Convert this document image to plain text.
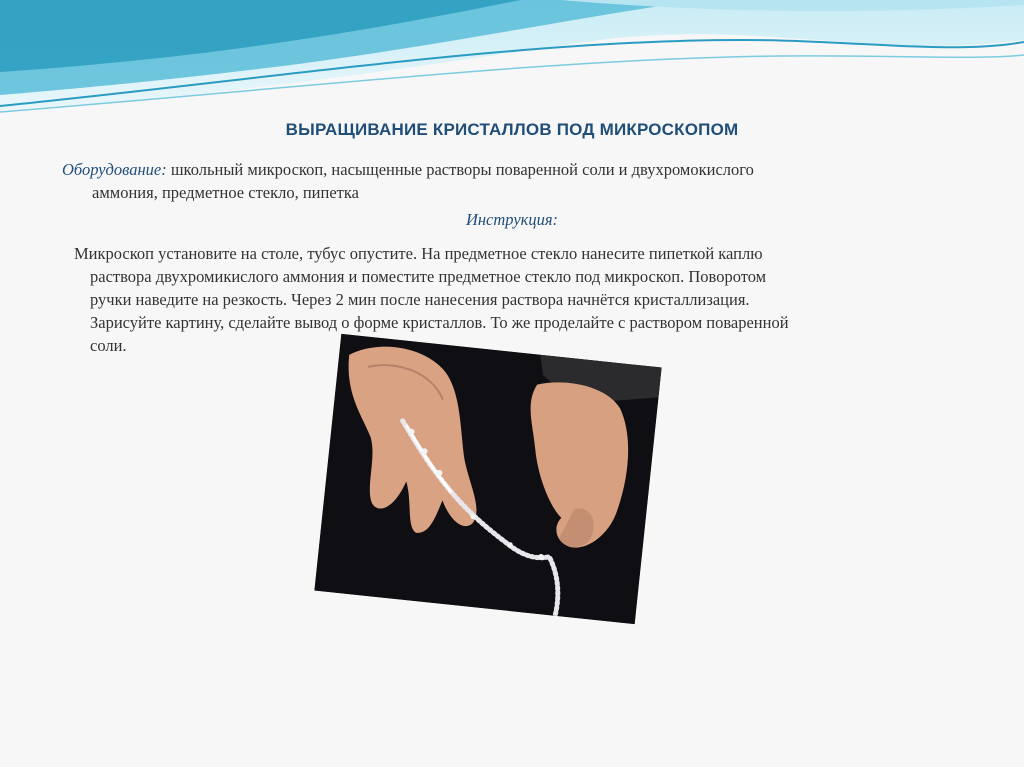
ВЫРАЩИВАНИЕ КРИСТАЛЛОВ ПОД МИКРОСКОПОМ
Оборудование: школьный микроскоп, насыщенные растворы поваренной соли и двухромокислого
аммония, предметное стекло, пипетка
Инструкция:
Микроскоп установите на столе, тубус опустите. На предметное стекло нанесите пипеткой каплю
раствора двухромикислого аммония и поместите предметное стекло под микроскоп. Поворотом
ручки наведите на резкость. Через 2 мин после нанесения раствора начнётся кристаллизация.
Зарисуйте картину, сделайте вывод о форме кристаллов. То же проделайте с раствором поваренной
соли.
